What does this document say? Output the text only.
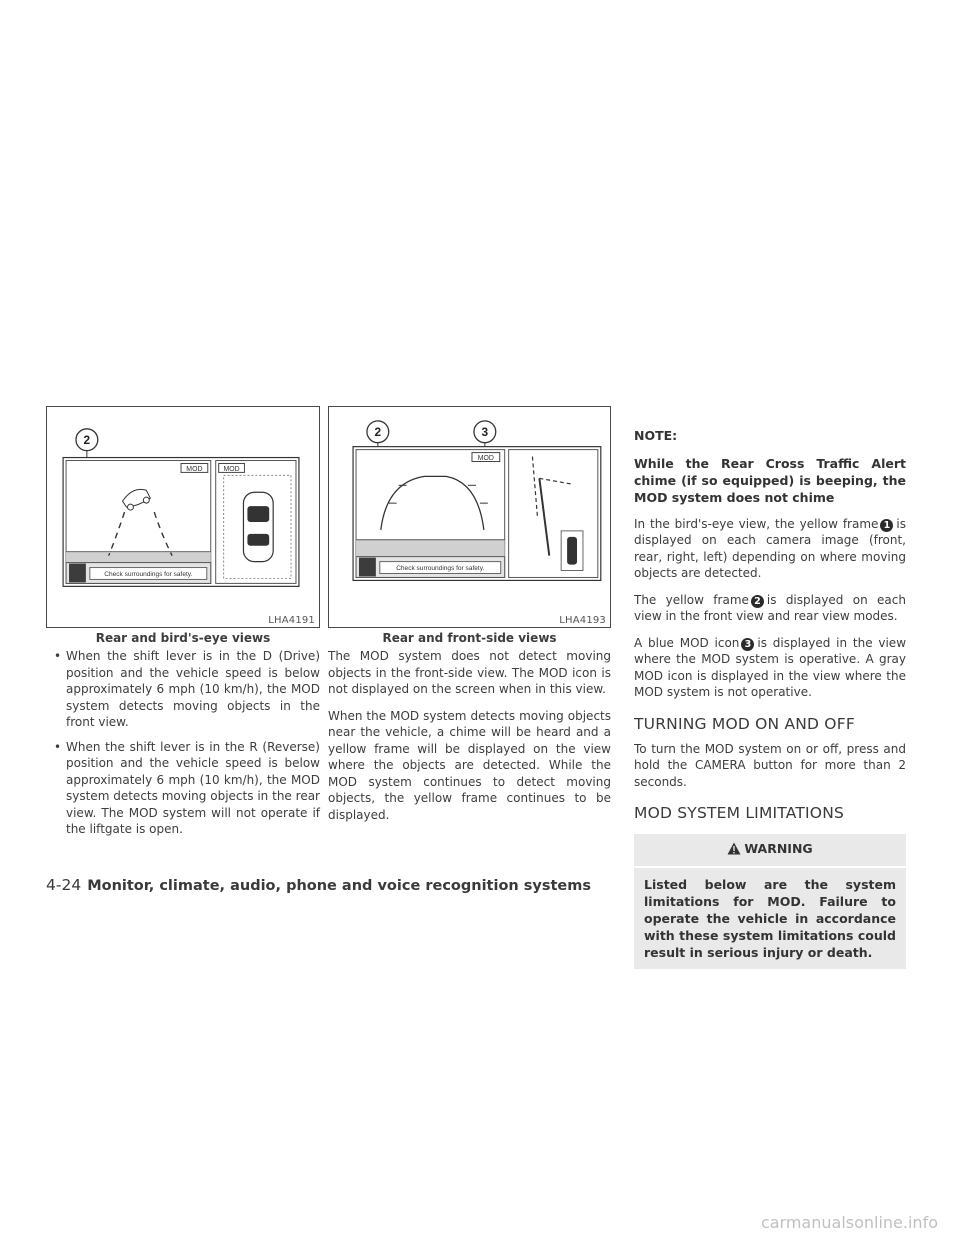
2
MOD
Check surroundings for safety.
MOD
LHA4191
Rear and bird's-eye views
2	3
MOD
Check surroundings for safety.
LHA4193
Rear and front-side views
• When the shift lever is in the D (Drive) position and the vehicle speed is below approximately 6 mph (10 km/h), the MOD system detects moving objects in the front view.
• When the shift lever is in the R (Reverse) position and the vehicle speed is below approximately 6 mph (10 km/h), the MOD system detects moving objects in the rear view. The MOD system will not operate if the liftgate is open.

The MOD system does not detect moving objects in the front-side view. The MOD icon is not displayed on the screen when in this view.

When the MOD system detects moving objects near the vehicle, a chime will be heard and a yellow frame will be displayed on the view where the objects are detected. While the MOD system continues to detect moving objects, the yellow frame continues to be displayed.

NOTE:
While the Rear Cross Traffic Alert chime (if so equipped) is beeping, the MOD system does not chime

In the bird's-eye view, the yellow frame 1 is displayed on each camera image (front, rear, right, left) depending on where moving objects are detected.

The yellow frame 2 is displayed on each view in the front view and rear view modes.

A blue MOD icon 3 is displayed in the view where the MOD system is operative. A gray MOD icon is displayed in the view where the MOD system is not operative.

TURNING MOD ON AND OFF

To turn the MOD system on or off, press and hold the CAMERA button for more than 2 seconds.

MOD SYSTEM LIMITATIONS
WARNING

Listed below are the system limitations for MOD. Failure to operate the vehicle in accordance with these system limitations could result in serious injury or death.

4-24 Monitor, climate, audio, phone and voice recognition systems
carmanualsonline.info
